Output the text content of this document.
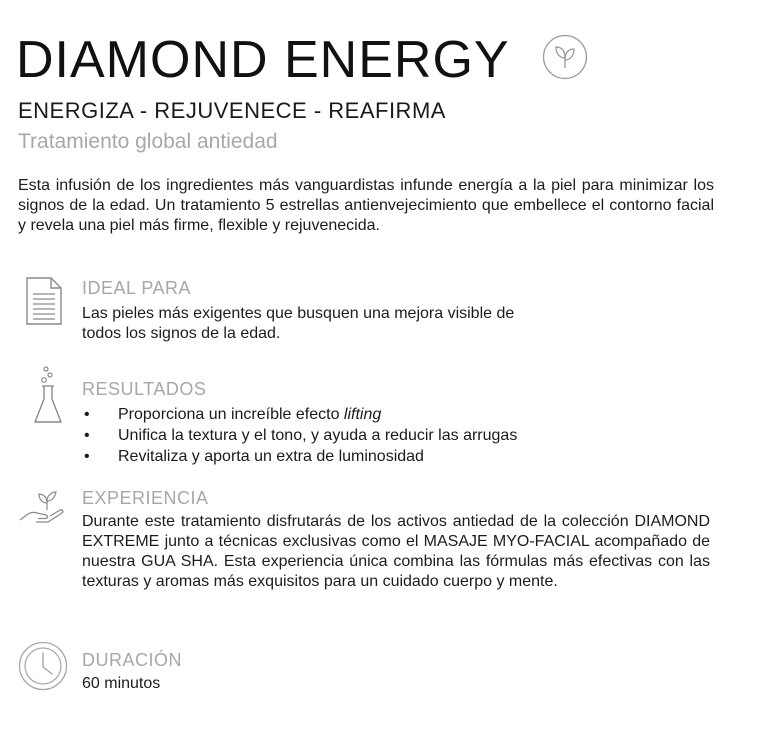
DIAMOND ENERGY
ENERGIZA - REJUVENECE - REAFIRMA
Tratamiento global antiedad
Esta infusión de los ingredientes más vanguardistas infunde energía a la piel para minimizar los signos de la edad. Un tratamiento 5 estrellas antienvejecimiento que embellece el contorno facial y revela una piel más firme, flexible y rejuvenecida.
IDEAL PARA
Las pieles más exigentes que busquen una mejora visible de
todos los signos de la edad.
RESULTADOS
• Proporciona un increíble efecto lifting
• Unifica la textura y el tono, y ayuda a reducir las arrugas
• Revitaliza y aporta un extra de luminosidad
EXPERIENCIA
Durante este tratamiento disfrutarás de los activos antiedad de la colección DIAMOND EXTREME junto a técnicas exclusivas como el MASAJE MYO-FACIAL acompañado de nuestra GUA SHA. Esta experiencia única combina las fórmulas más efectivas con las texturas y aromas más exquisitos para un cuidado cuerpo y mente.
DURACIÓN
60 minutos
